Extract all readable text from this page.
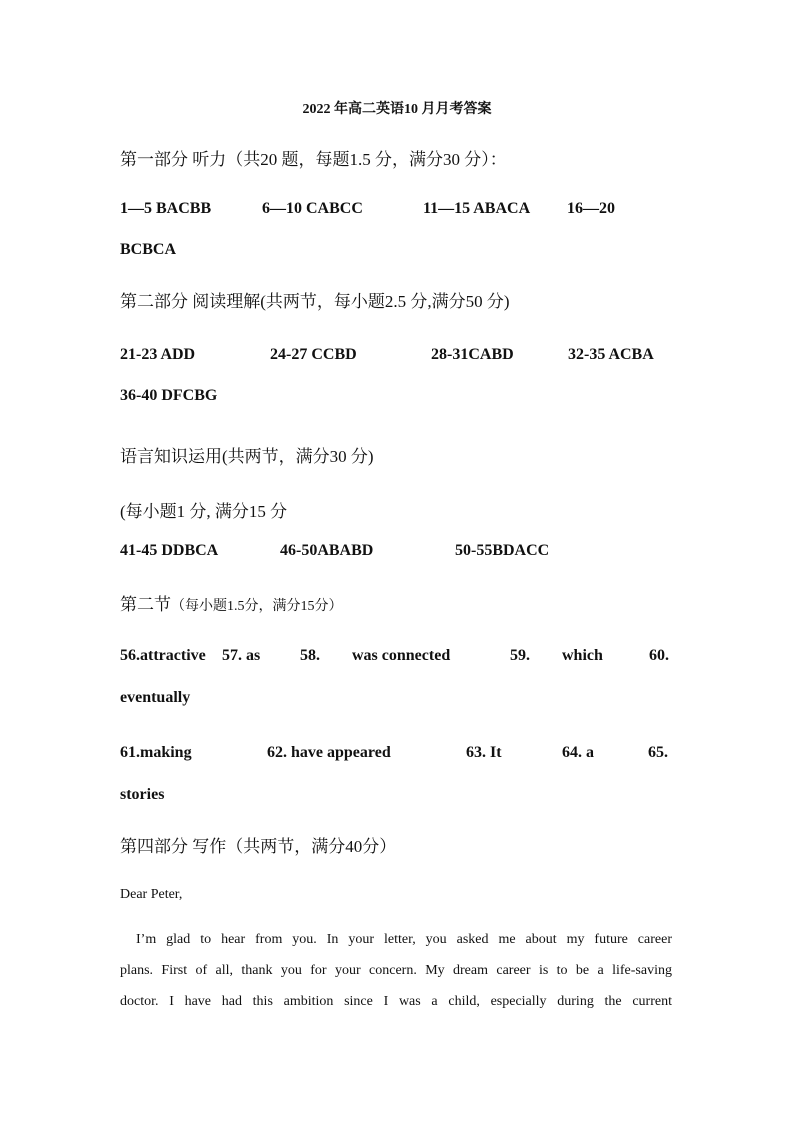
2022 年高二英语10 月月考答案
第一部分 听力（共20 题，每题1.5 分，满分30 分）：
1—5 BACBB	6—10 CABCC	11—15 ABACA 16—20
BCBCA
第二部分 阅读理解(共两节，每小题2.5 分,满分50 分)
21-23 ADD	24-27 CCBD	28-31CABD	32-35 ACBA
36-40 DFCBG
语言知识运用(共两节，满分30 分)
(每小题1 分, 满分15 分
41-45 DDBCA	46-50ABABD	50-55BDACC
第二节（每小题1.5分，满分15分）
56.attractive 57. as 58. was connected	59. which	60.
eventually
61.making	62. have appeared	63. It	64. a	65.
stories
第四部分 写作（共两节，满分40分）
Dear Peter,
I’m glad to hear from you. In your letter, you asked me about my future career
plans. First of all, thank you for your concern. My dream career is to be a life-saving
doctor. I have had this ambition since I was a child, especially during the current
